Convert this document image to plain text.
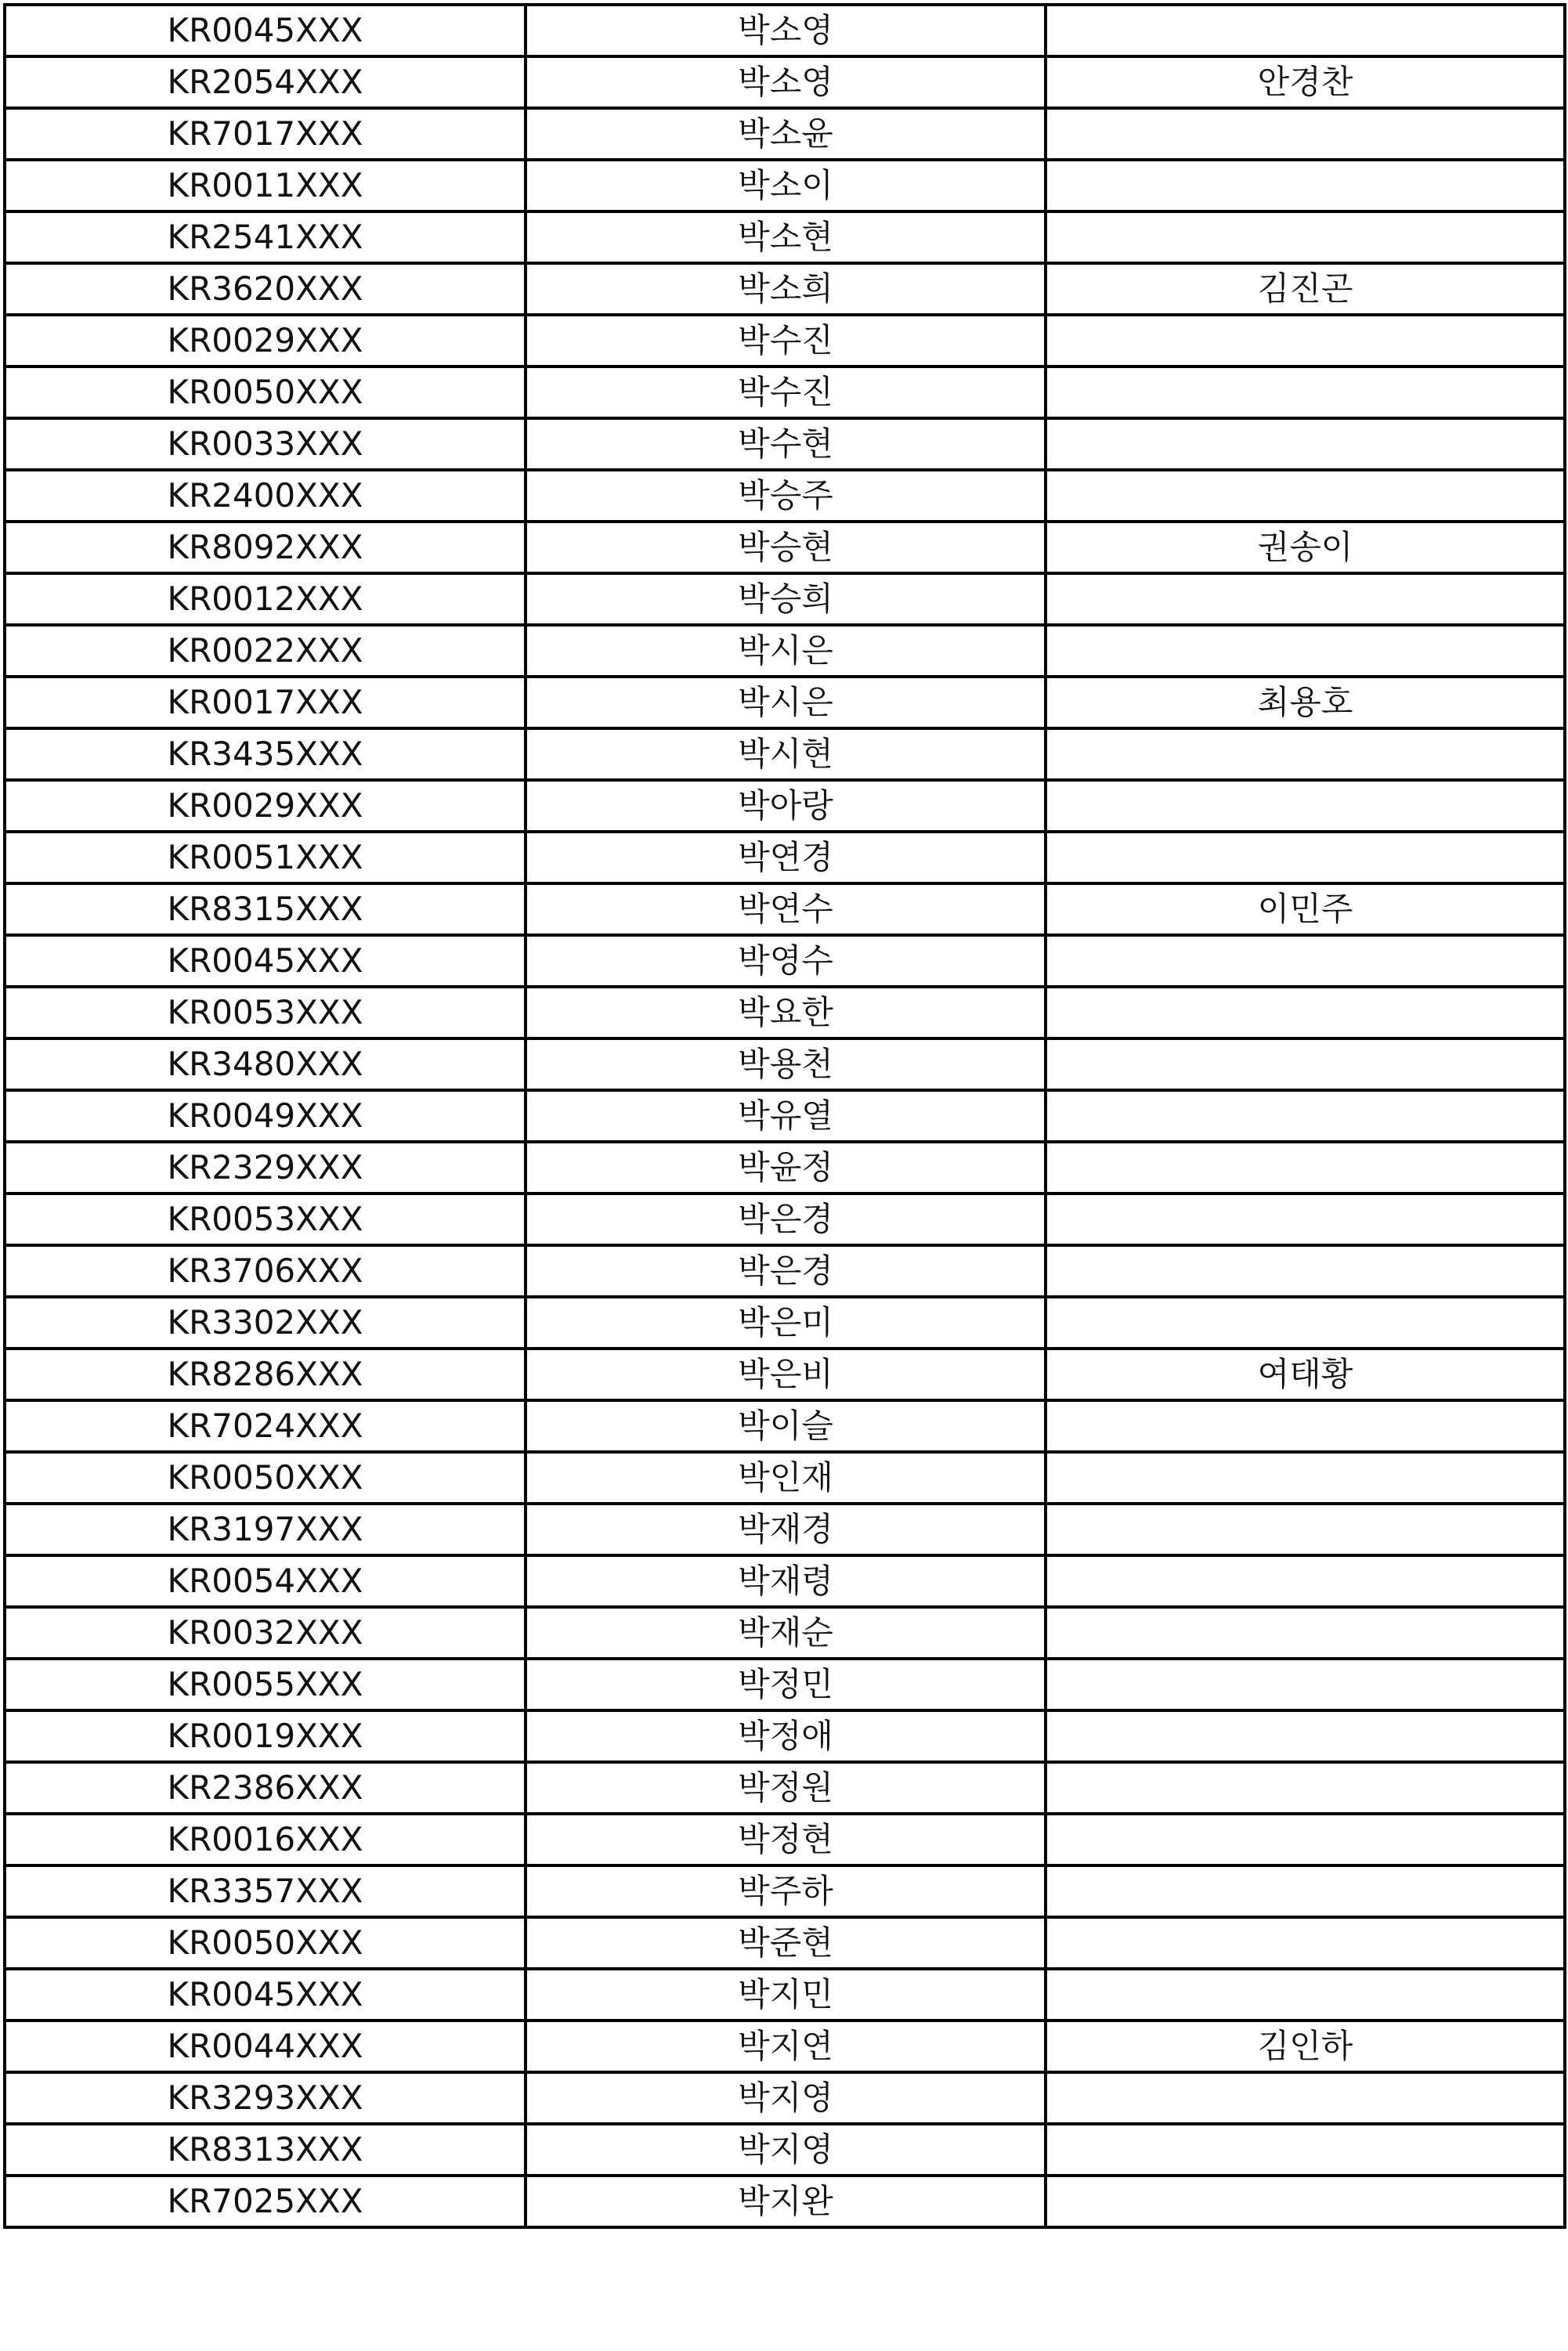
KR0045XXX	박소영	
KR2054XXX	박소영	안경찬
KR7017XXX	박소윤	
KR0011XXX	박소이	
KR2541XXX	박소현	
KR3620XXX	박소희	김진곤
KR0029XXX	박수진	
KR0050XXX	박수진	
KR0033XXX	박수현	
KR2400XXX	박승주	
KR8092XXX	박승현	권송이
KR0012XXX	박승희	
KR0022XXX	박시은	
KR0017XXX	박시은	최용호
KR3435XXX	박시현	
KR0029XXX	박아랑	
KR0051XXX	박연경	
KR8315XXX	박연수	이민주
KR0045XXX	박영수	
KR0053XXX	박요한	
KR3480XXX	박용천	
KR0049XXX	박유열	
KR2329XXX	박윤정	
KR0053XXX	박은경	
KR3706XXX	박은경	
KR3302XXX	박은미	
KR8286XXX	박은비	여태황
KR7024XXX	박이슬	
KR0050XXX	박인재	
KR3197XXX	박재경	
KR0054XXX	박재령	
KR0032XXX	박재순	
KR0055XXX	박정민	
KR0019XXX	박정애	
KR2386XXX	박정원	
KR0016XXX	박정현	
KR3357XXX	박주하	
KR0050XXX	박준현	
KR0045XXX	박지민	
KR0044XXX	박지연	김인하
KR3293XXX	박지영	
KR8313XXX	박지영	
KR7025XXX	박지완	
